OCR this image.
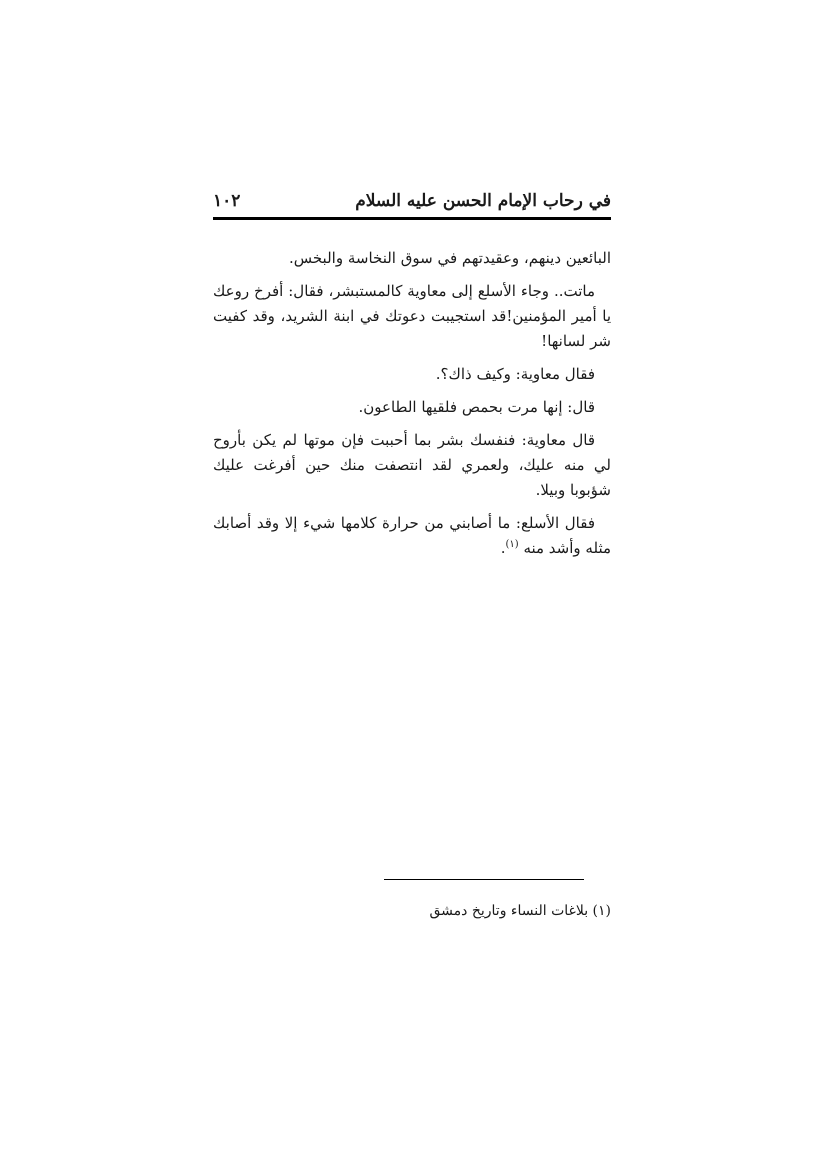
في رحاب الإمام الحسن عليه السلام
١٠٢

البائعين دينهم، وعقيدتهم في سوق النخاسة والبخس.

ماتت.. وجاء الأسلع إلى معاوية كالمستبشر، فقال: أفرخ روعك يا أمير المؤمنين!قد استجيبت دعوتك في ابنة الشريد، وقد كفيت شر لسانها!

فقال معاوية: وكيف ذاك؟.

قال: إنها مرت بحمص فلقيها الطاعون.

قال معاوية: فنفسك بشر بما أحببت فإن موتها لم يكن بأروح لي منه عليك، ولعمري لقد انتصفت منك حين أفرغت عليك شؤبوبا وبيلا.

فقال الأسلع: ما أصابني من حرارة كلامها شيء إلا وقد أصابك مثله وأشد منه $^{(١)}$.

(١) بلاغات النساء وتاريخ دمشق
